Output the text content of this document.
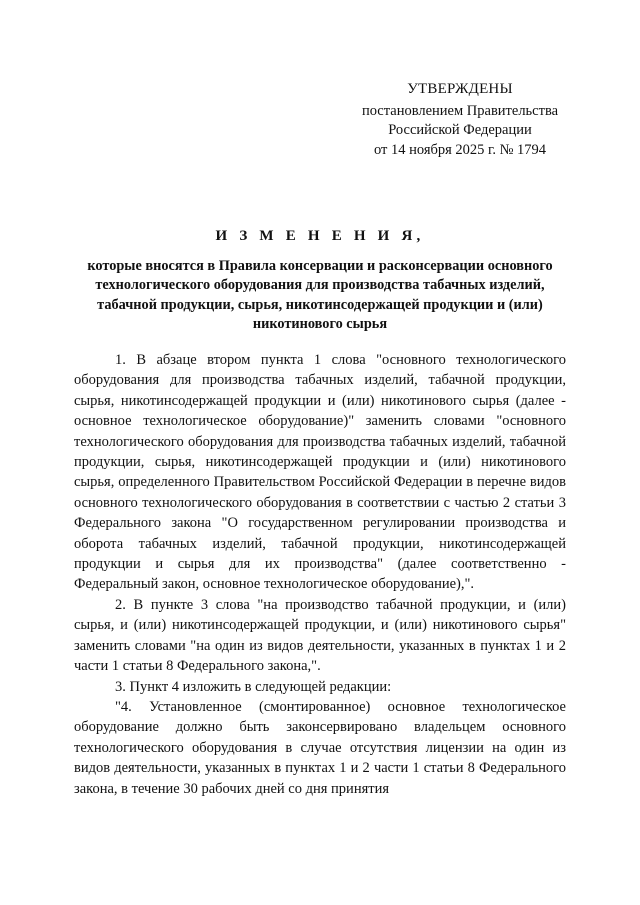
УТВЕРЖДЕНЫ
постановлением Правительства
Российской Федерации
от 14 ноября 2025 г. № 1794
И З М Е Н Е Н И Я,
которые вносятся в Правила консервации и расконсервации основного технологического оборудования для производства табачных изделий, табачной продукции, сырья, никотинсодержащей продукции и (или) никотинового сырья

1. В абзаце втором пункта 1 слова "основного технологического оборудования для производства табачных изделий, табачной продукции, сырья, никотинсодержащей продукции и (или) никотинового сырья (далее - основное технологическое оборудование)" заменить словами "основного технологического оборудования для производства табачных изделий, табачной продукции, сырья, никотинсодержащей продукции и (или) никотинового сырья, определенного Правительством Российской Федерации в перечне видов основного технологического оборудования в соответствии с частью 2 статьи 3 Федерального закона "О государственном регулировании производства и оборота табачных изделий, табачной продукции, никотинсодержащей продукции и сырья для их производства" (далее соответственно - Федеральный закон, основное технологическое оборудование),".

2. В пункте 3 слова "на производство табачной продукции, и (или) сырья, и (или) никотинсодержащей продукции, и (или) никотинового сырья" заменить словами "на один из видов деятельности, указанных в пунктах 1 и 2 части 1 статьи 8 Федерального закона,".

3. Пункт 4 изложить в следующей редакции:

"4. Установленное (смонтированное) основное технологическое оборудование должно быть законсервировано владельцем основного технологического оборудования в случае отсутствия лицензии на один из видов деятельности, указанных в пунктах 1 и 2 части 1 статьи 8 Федерального закона, в течение 30 рабочих дней со дня принятия
